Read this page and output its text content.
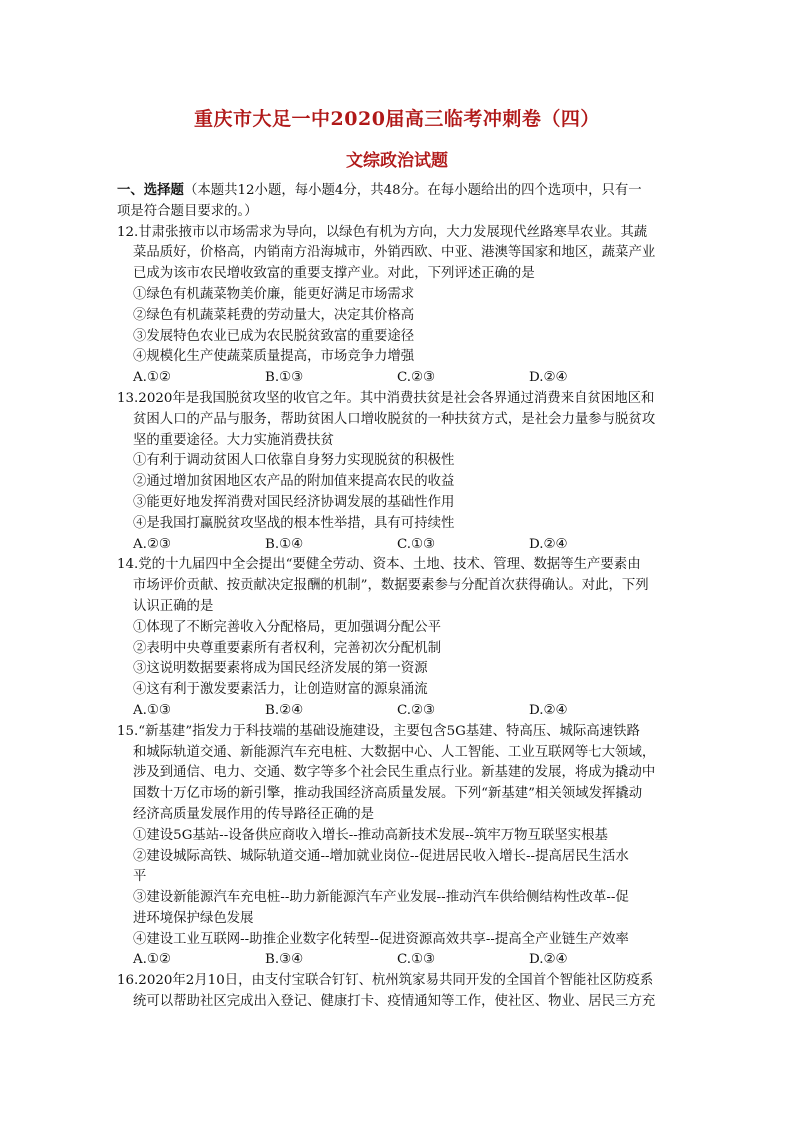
重庆市大足一中2020届高三临考冲刺卷（四）
文综政治试题
一、选择题（本题共12小题，每小题4分，共48分。在每小题给出的四个选项中，只有一
项是符合题目要求的。）
12.甘肃张掖市以市场需求为导向，以绿色有机为方向，大力发展现代丝路寒旱农业。其蔬
菜品质好，价格高，内销南方沿海城市，外销西欧、中亚、港澳等国家和地区，蔬菜产业
已成为该市农民增收致富的重要支撑产业。对此，下列评述正确的是
①绿色有机蔬菜物美价廉，能更好满足市场需求
②绿色有机蔬菜耗费的劳动量大，决定其价格高
③发展特色农业已成为农民脱贫致富的重要途径
④规模化生产使蔬菜质量提高，市场竞争力增强
A.①②	B.①③	C.②③	D.②④
13.2020年是我国脱贫攻坚的收官之年。其中消费扶贫是社会各界通过消费来自贫困地区和
贫困人口的产品与服务，帮助贫困人口增收脱贫的一种扶贫方式，是社会力量参与脱贫攻
坚的重要途径。大力实施消费扶贫
①有利于调动贫困人口依靠自身努力实现脱贫的积极性
②通过增加贫困地区农产品的附加值来提高农民的收益
③能更好地发挥消费对国民经济协调发展的基础性作用
④是我国打赢脱贫攻坚战的根本性举措，具有可持续性
A.②③	B.①④	C.①③	D.②④
14.党的十九届四中全会提出“要健全劳动、资本、土地、技术、管理、数据等生产要素由
市场评价贡献、按贡献决定报酬的机制”，数据要素参与分配首次获得确认。对此，下列
认识正确的是
①体现了不断完善收入分配格局，更加强调分配公平
②表明中央尊重要素所有者权利，完善初次分配机制
③这说明数据要素将成为国民经济发展的第一资源
④这有利于激发要素活力，让创造财富的源泉涌流
A.①③	B.②④	C.②③	D.②④
15.“新基建”指发力于科技端的基础设施建设，主要包含5G基建、特高压、城际高速铁路
和城际轨道交通、新能源汽车充电桩、大数据中心、人工智能、工业互联网等七大领域，
涉及到通信、电力、交通、数字等多个社会民生重点行业。新基建的发展，将成为撬动中
国数十万亿市场的新引擎，推动我国经济高质量发展。下列“新基建”相关领域发挥撬动
经济高质量发展作用的传导路径正确的是
①建设5G基站--设备供应商收入增长--推动高新技术发展--筑牢万物互联坚实根基
②建设城际高铁、城际轨道交通--增加就业岗位--促进居民收入增长--提高居民生活水
平
③建设新能源汽车充电桩--助力新能源汽车产业发展--推动汽车供给侧结构性改革--促
进环境保护绿色发展
④建设工业互联网--助推企业数字化转型--促进资源高效共享--提高全产业链生产效率
A.①②	B.③④	C.①③	D.②④
16.2020年2月10日，由支付宝联合钉钉、杭州筑家易共同开发的全国首个智能社区防疫系
统可以帮助社区完成出入登记、健康打卡、疫情通知等工作，使社区、物业、居民三方充
